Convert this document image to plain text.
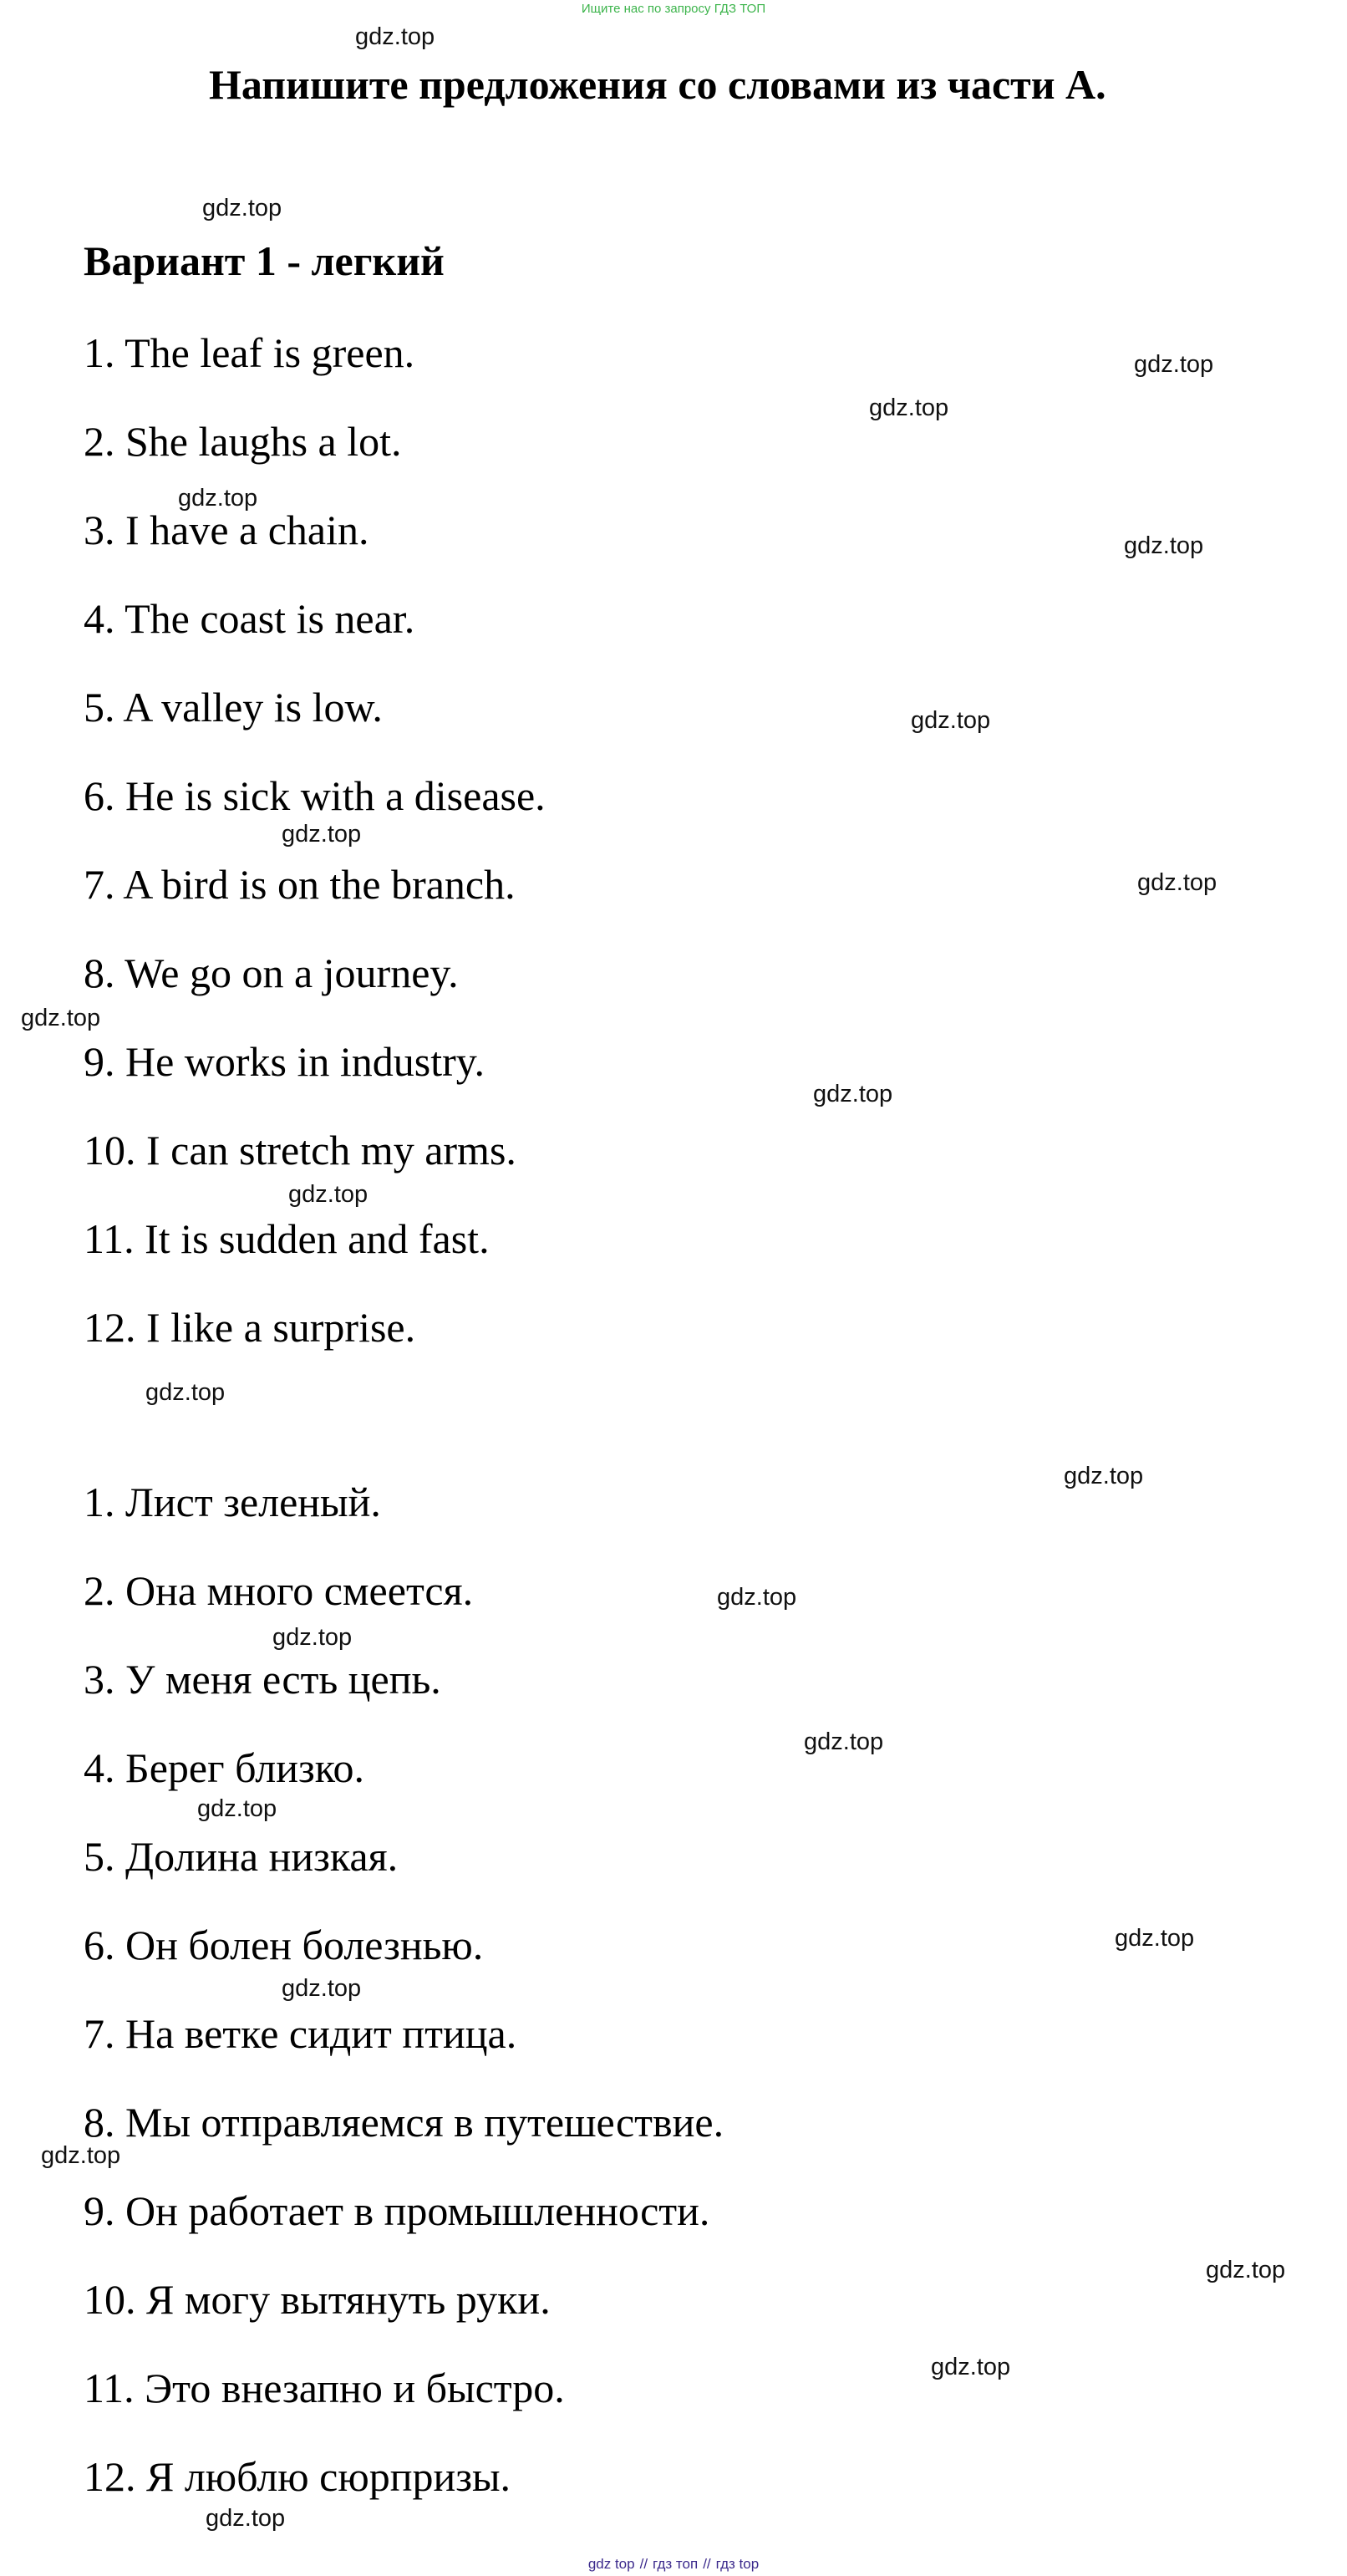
Ищите нас по запросу ГДЗ ТОП
Напишите предложения со словами из части А.
Вариант 1 - легкий
1. The leaf is green.
2. She laughs a lot.
3. I have a chain.
4. The coast is near.
5. A valley is low.
6. He is sick with a disease.
7. A bird is on the branch.
8. We go on a journey.
9. He works in industry.
10. I can stretch my arms.
11. It is sudden and fast.
12. I like a surprise.
1. Лист зеленый.
2. Она много смеется.
3. У меня есть цепь.
4. Берег близко.
5. Долина низкая.
6. Он болен болезнью.
7. На ветке сидит птица.
8. Мы отправляемся в путешествие.
9. Он работает в промышленности.
10. Я могу вытянуть руки.
11. Это внезапно и быстро.
12. Я люблю сюрпризы.
gdz.top
gdz.top
gdz.top
gdz.top
gdz.top
gdz.top
gdz.top
gdz.top
gdz.top
gdz.top
gdz.top
gdz.top
gdz.top
gdz.top
gdz.top
gdz.top
gdz.top
gdz.top
gdz.top
gdz.top
gdz.top
gdz.top
gdz.top
gdz.top
gdz top // гдз топ // гдз top
